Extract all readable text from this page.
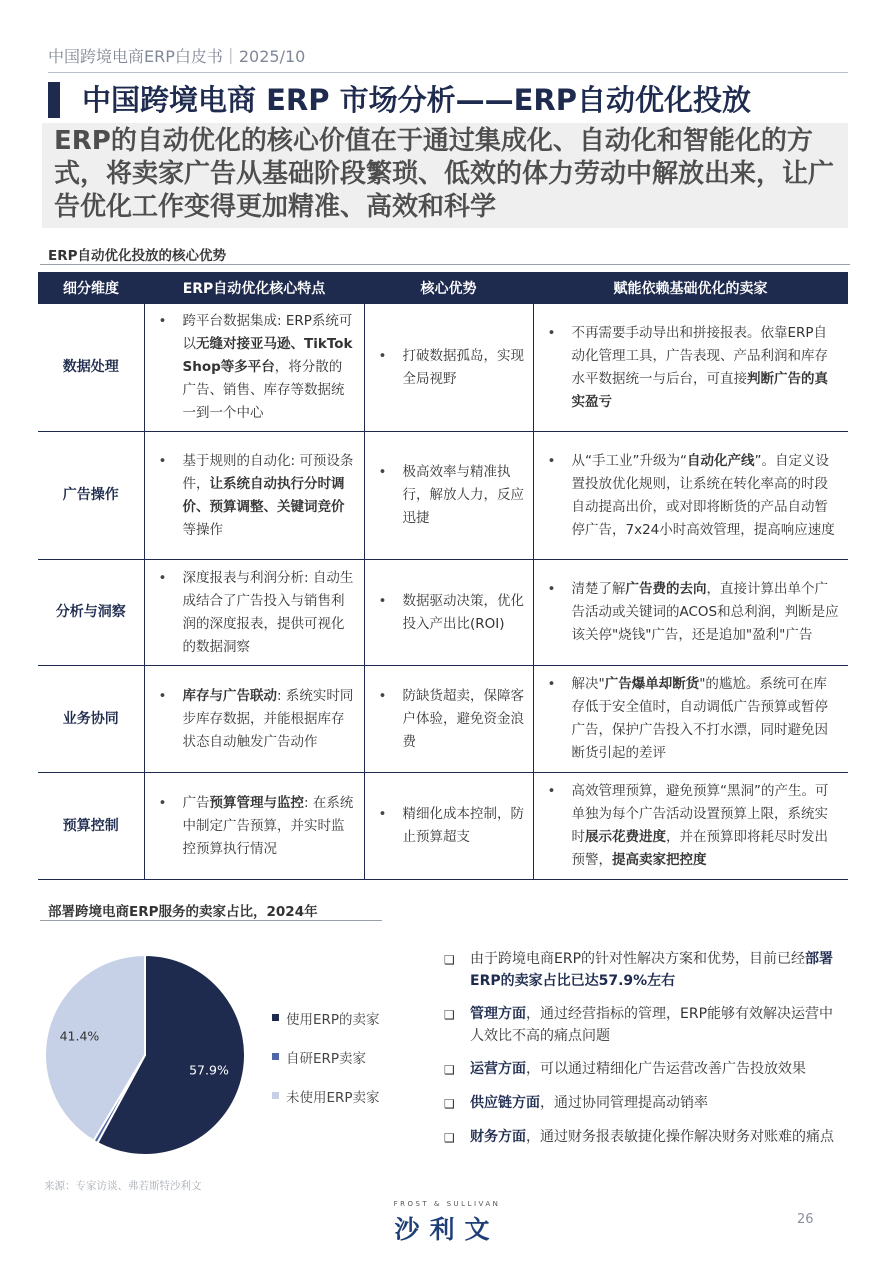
中国跨境电商ERP白皮书｜2025/10
中国跨境电商 ERP 市场分析——ERP自动优化投放
ERP的自动优化的核心价值在于通过集成化、自动化和智能化的方式，将卖家广告从基础阶段繁琐、低效的体力劳动中解放出来，让广告优化工作变得更加精准、高效和科学
ERP自动优化投放的核心优势
细分维度	ERP自动优化核心特点	核心优势	赋能依赖基础优化的卖家
数据处理	• 跨平台数据集成: ERP系统可以无缝对接亚马逊、TikTok Shop等多平台，将分散的广告、销售、库存等数据统一到一个中心	• 打破数据孤岛，实现全局视野	• 不再需要手动导出和拼接报表。依靠ERP自动化管理工具，广告表现、产品利润和库存水平数据统一与后台，可直接判断广告的真实盈亏

广告操作	• 基于规则的自动化: 可预设条件，让系统自动执行分时调价、预算调整、关键词竞价等操作	• 极高效率与精准执行，解放人力，反应迅捷	• 从“手工业”升级为“自动化产线”。自定义设置投放优化规则，让系统在转化率高的时段自动提高出价，或对即将断货的产品自动暂停广告，7x24小时高效管理，提高响应速度

分析与洞察	• 深度报表与利润分析: 自动生成结合了广告投入与销售利润的深度报表，提供可视化的数据洞察	• 数据驱动决策，优化投入产出比(ROI)	• 清楚了解广告费的去向，直接计算出单个广告活动或关键词的ACOS和总利润，判断是应该关停"烧钱"广告，还是追加"盈利"广告

业务协同	• 库存与广告联动: 系统实时同步库存数据，并能根据库存状态自动触发广告动作	• 防缺货超卖，保障客户体验，避免资金浪费	• 解决"广告爆单却断货"的尴尬。系统可在库存低于安全值时，自动调低广告预算或暂停广告，保护广告投入不打水漂，同时避免因断货引起的差评

预算控制	• 广告预算管理与监控: 在系统中制定广告预算，并实时监控预算执行情况	• 精细化成本控制，防止预算超支	• 高效管理预算，避免预算“黑洞”的产生。可单独为每个广告活动设置预算上限，系统实时展示花费进度，并在预算即将耗尽时发出预警，提高卖家把控度
部署跨境电商ERP服务的卖家占比，2024年
57.9%
41.4%
使用ERP的卖家
自研ERP卖家
未使用ERP卖家
❑	由于跨境电商ERP的针对性解决方案和优势，目前已经部署ERP的卖家占比已达57.9%左右
❑	管理方面，通过经营指标的管理，ERP能够有效解决运营中人效比不高的痛点问题
❑	运营方面，可以通过精细化广告运营改善广告投放效果
❑	供应链方面，通过协同管理提高动销率
❑	财务方面，通过财务报表敏捷化操作解决财务对账难的痛点
来源：专家访谈、弗若斯特沙利文
FROST & SULLIVAN
沙利文	26
